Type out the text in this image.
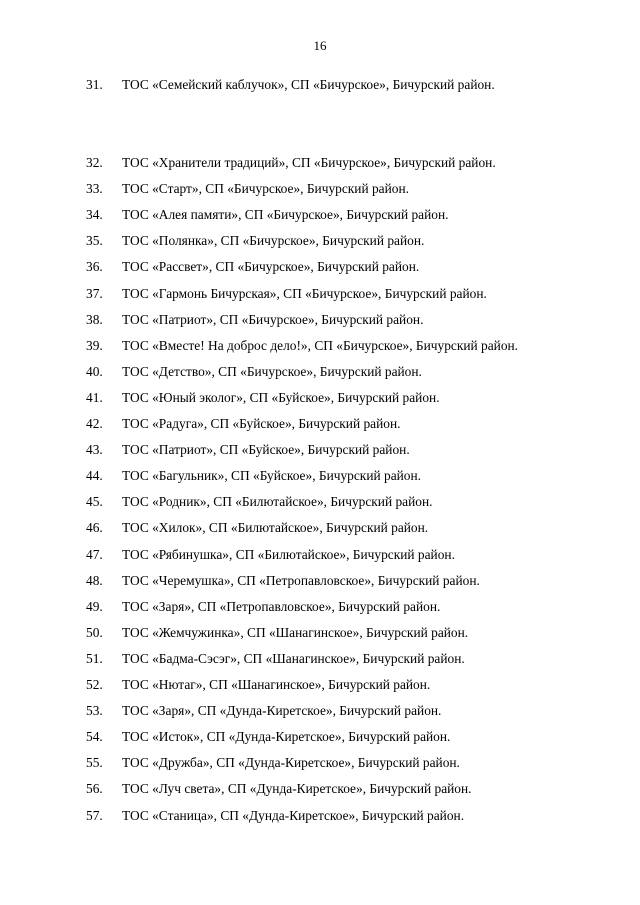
16
31.	ТОС «Семейский каблучок», СП «Бичурское», Бичурский район.
32.	ТОС «Хранители традиций», СП «Бичурское», Бичурский район.
33.	ТОС «Старт», СП «Бичурское», Бичурский район.
34.	ТОС «Алея памяти», СП «Бичурское», Бичурский район.
35.	ТОС «Полянка», СП «Бичурское», Бичурский район.
36.	ТОС «Рассвет», СП «Бичурское», Бичурский район.
37.	ТОС «Гармонь Бичурская», СП «Бичурское», Бичурский район.
38.	ТОС «Патриот», СП «Бичурское», Бичурский район.
39.	ТОС «Вместе! На доброс дело!», СП «Бичурское», Бичурский район.
40.	ТОС «Детство», СП «Бичурское», Бичурский район.
41.	ТОС «Юный эколог», СП «Буйское», Бичурский район.
42.	ТОС «Радуга», СП «Буйское», Бичурский район.
43.	ТОС «Патриот», СП «Буйское», Бичурский район.
44.	ТОС «Багульник», СП «Буйское», Бичурский район.
45.	ТОС «Родник», СП «Билютайское», Бичурский район.
46.	ТОС «Хилок», СП «Билютайское», Бичурский район.
47.	ТОС «Рябинушка», СП «Билютайское», Бичурский район.
48.	ТОС «Черемушка», СП «Петропавловское», Бичурский район.
49.	ТОС «Заря», СП «Петропавловское», Бичурский район.
50.	ТОС «Жемчужинка», СП «Шанагинское», Бичурский район.
51.	ТОС «Бадма-Сэсэг», СП «Шанагинское», Бичурский район.
52.	ТОС «Нютаг», СП «Шанагинское», Бичурский район.
53.	ТОС «Заря», СП «Дунда-Киретское», Бичурский район.
54.	ТОС «Исток», СП «Дунда-Киретское», Бичурский район.
55.	ТОС «Дружба», СП «Дунда-Киретское», Бичурский район.
56.	ТОС «Луч света», СП «Дунда-Киретское», Бичурский район.
57.	ТОС «Станица», СП «Дунда-Киретское», Бичурский район.
